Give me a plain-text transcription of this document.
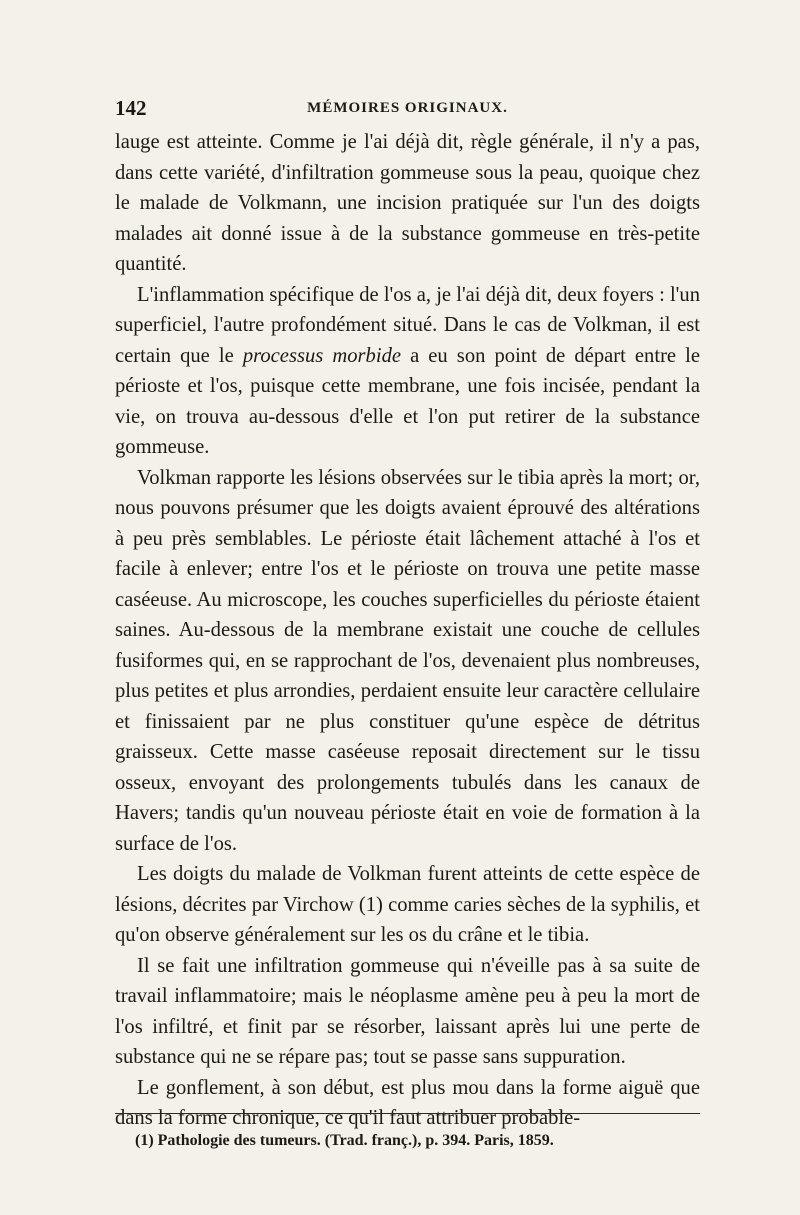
142	MÉMOIRES ORIGINAUX.

lauge est atteinte. Comme je l'ai déjà dit, règle générale, il n'y a pas, dans cette variété, d'infiltration gommeuse sous la peau, quoique chez le malade de Volkmann, une incision pratiquée sur l'un des doigts malades ait donné issue à de la substance gommeuse en très-petite quantité.

L'inflammation spécifique de l'os a, je l'ai déjà dit, deux foyers : l'un superficiel, l'autre profondément situé. Dans le cas de Volkman, il est certain que le processus morbide a eu son point de départ entre le périoste et l'os, puisque cette membrane, une fois incisée, pendant la vie, on trouva au-dessous d'elle et l'on put retirer de la substance gommeuse.

Volkman rapporte les lésions observées sur le tibia après la mort; or, nous pouvons présumer que les doigts avaient éprouvé des altérations à peu près semblables. Le périoste était lâchement attaché à l'os et facile à enlever; entre l'os et le périoste on trouva une petite masse caséeuse. Au microscope, les couches superficielles du périoste étaient saines. Au-dessous de la membrane existait une couche de cellules fusiformes qui, en se rapprochant de l'os, devenaient plus nombreuses, plus petites et plus arrondies, perdaient ensuite leur caractère cellulaire et finissaient par ne plus constituer qu'une espèce de détritus graisseux. Cette masse caséeuse reposait directement sur le tissu osseux, envoyant des prolongements tubulés dans les canaux de Havers; tandis qu'un nouveau périoste était en voie de formation à la surface de l'os.

Les doigts du malade de Volkman furent atteints de cette espèce de lésions, décrites par Virchow (1) comme caries sèches de la syphilis, et qu'on observe généralement sur les os du crâne et le tibia.

Il se fait une infiltration gommeuse qui n'éveille pas à sa suite de travail inflammatoire; mais le néoplasme amène peu à peu la mort de l'os infiltré, et finit par se résorber, laissant après lui une perte de substance qui ne se répare pas; tout se passe sans suppuration.

Le gonflement, à son début, est plus mou dans la forme aiguë que dans la forme chronique, ce qu'il faut attribuer probable-

(1) Pathologie des tumeurs. (Trad. franç.), p. 394. Paris, 1859.
